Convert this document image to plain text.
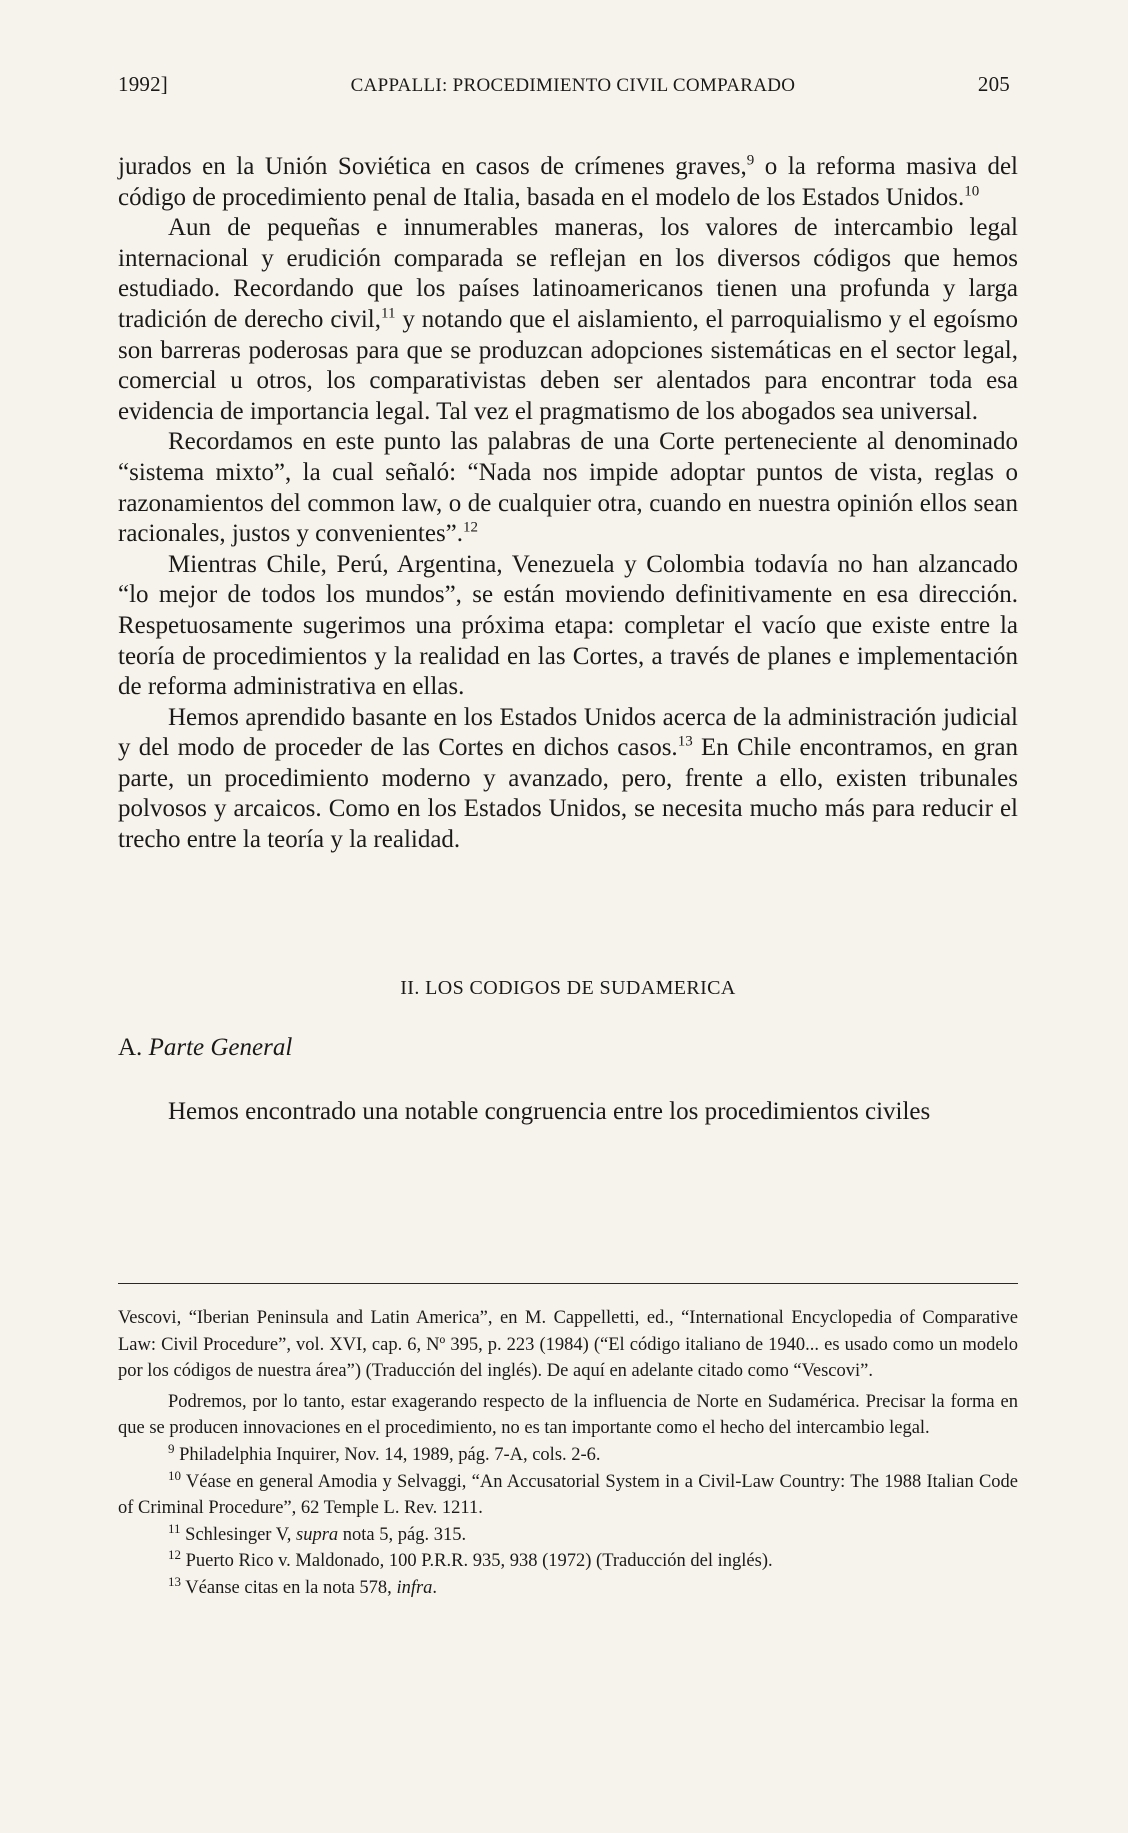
1992]	CAPPALLI: PROCEDIMIENTO CIVIL COMPARADO	205

jurados en la Unión Soviética en casos de crímenes graves,$^9$ o la reforma masiva del código de procedimiento penal de Italia, basada en el modelo de los Estados Unidos.$^{10}$

Aun de pequeñas e innumerables maneras, los valores de intercambio legal internacional y erudición comparada se reflejan en los diversos códigos que hemos estudiado. Recordando que los países latinoamericanos tienen una profunda y larga tradición de derecho civil,$^{11}$ y notando que el aislamiento, el parroquialismo y el egoísmo son barreras poderosas para que se produzcan adopciones sistemáticas en el sector legal, comercial u otros, los comparativistas deben ser alentados para encontrar toda esa evidencia de importancia legal. Tal vez el pragmatismo de los abogados sea universal.

Recordamos en este punto las palabras de una Corte perteneciente al denominado “sistema mixto”, la cual señaló: “Nada nos impide adoptar puntos de vista, reglas o razonamientos del common law, o de cualquier otra, cuando en nuestra opinión ellos sean racionales, justos y convenientes”.$^{12}$

Mientras Chile, Perú, Argentina, Venezuela y Colombia todavía no han alzancado “lo mejor de todos los mundos”, se están moviendo definitivamente en esa dirección. Respetuosamente sugerimos una próxima etapa: completar el vacío que existe entre la teoría de procedimientos y la realidad en las Cortes, a través de planes e implementación de reforma administrativa en ellas.

Hemos aprendido basante en los Estados Unidos acerca de la administración judicial y del modo de proceder de las Cortes en dichos casos.$^{13}$ En Chile encontramos, en gran parte, un procedimiento moderno y avanzado, pero, frente a ello, existen tribunales polvosos y arcaicos. Como en los Estados Unidos, se necesita mucho más para reducir el trecho entre la teoría y la realidad.

II. LOS CODIGOS DE SUDAMERICA
A. Parte General

Hemos encontrado una notable congruencia entre los procedimientos civiles

Vescovi, “Iberian Peninsula and Latin America”, en M. Cappelletti, ed., “International Encyclopedia of Comparative Law: Civil Procedure”, vol. XVI, cap. 6, Nº 395, p. 223 (1984) (“El código italiano de 1940... es usado como un modelo por los códigos de nuestra área”) (Traducción del inglés). De aquí en adelante citado como “Vescovi”.

Podremos, por lo tanto, estar exagerando respecto de la influencia de Norte en Sudamérica. Precisar la forma en que se producen innovaciones en el procedimiento, no es tan importante como el hecho del intercambio legal.

$^9$ Philadelphia Inquirer, Nov. 14, 1989, pág. 7-A, cols. 2-6.

$^{10}$ Véase en general Amodia y Selvaggi, “An Accusatorial System in a Civil-Law Country: The 1988 Italian Code of Criminal Procedure”, 62 Temple L. Rev. 1211.

$^{11}$ Schlesinger V, supra nota 5, pág. 315.

$^{12}$ Puerto Rico v. Maldonado, 100 P.R.R. 935, 938 (1972) (Traducción del inglés).

$^{13}$ Véanse citas en la nota 578, infra.
